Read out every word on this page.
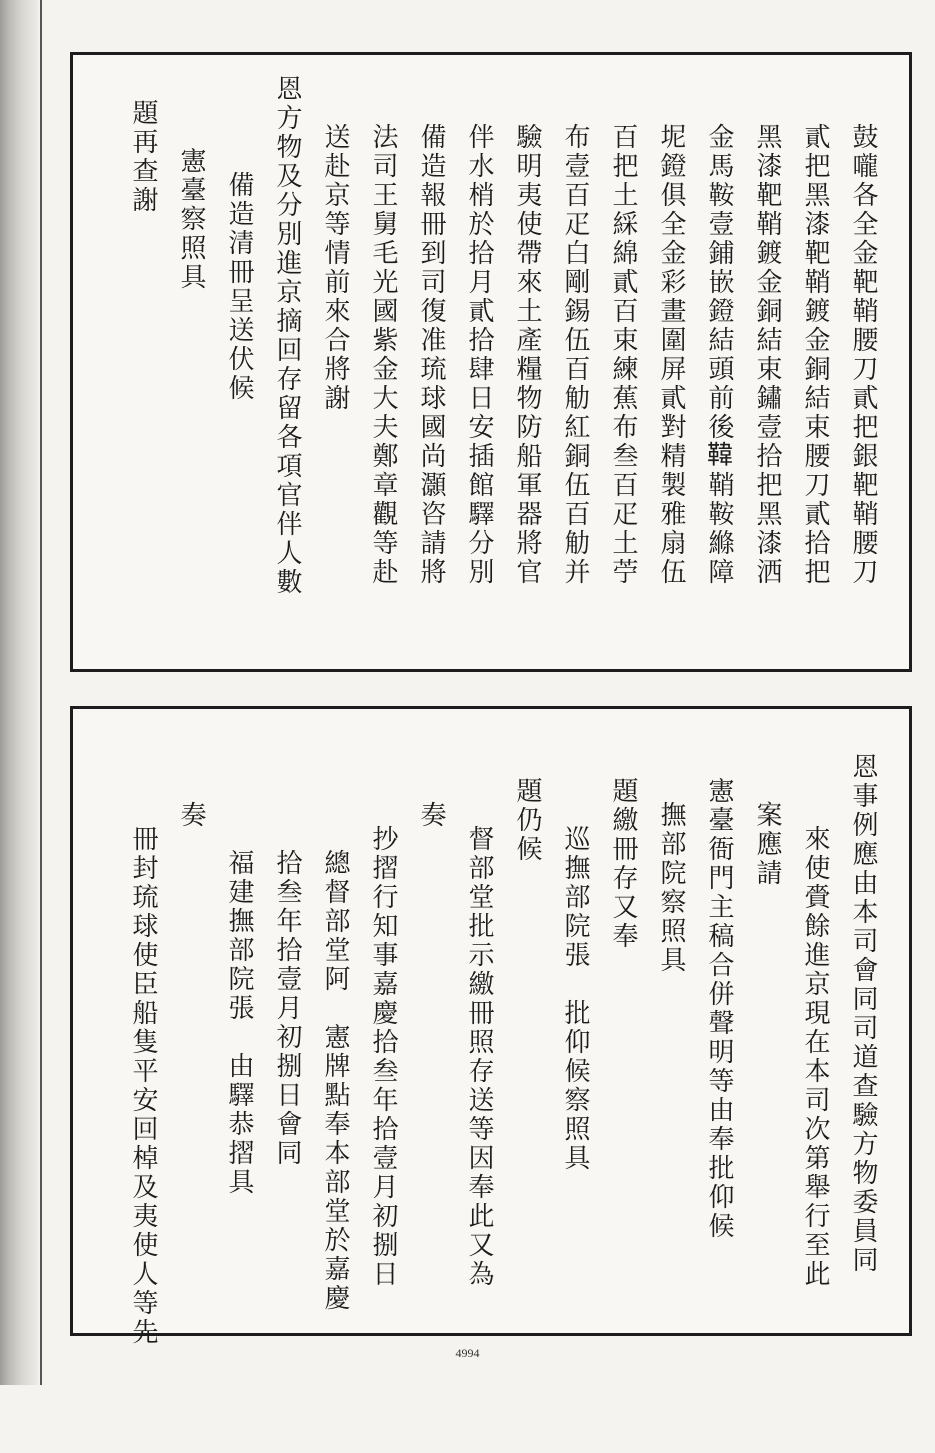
鼓嚨各全金靶鞘腰刀貳把銀靶鞘腰刀
貳把黑漆靶鞘鍍金銅結束腰刀貳拾把
黑漆靶鞘鍍金銅結束鏽壹拾把黑漆洒
金馬鞍壹鋪嵌鐙結頭前後𩋾鞘鞍縧障
坭鐙俱全金彩畫圍屏貳對精製雅扇伍
百把土綵綿貳百束練蕉布叁百疋土苧
布壹百疋白剛錫伍百觔紅銅伍百觔并
驗明夷使帶來土產糧物防船軍器將官
伴水梢於拾月貳拾肆日安插館驛分別
備造報冊到司復准琉球國尚灝咨請將
法司王舅毛光國紫金大夫鄭章觀等赴
送赴京等情前來合將謝
恩方物及分別進京摘回存留各項官伴人數
備造清冊呈送伏候
憲臺察照具
題再查謝
恩事例應由本司會同司道查驗方物委員同
來使賫餘進京現在本司次第舉行至此
案應請
憲臺衙門主稿合併聲明等由奉批仰候
撫部院察照具
題繳冊存又奉
巡撫部院張　批仰候察照具
題仍候
督部堂批示繳冊照存送等因奉此又為
奏
抄摺行知事嘉慶拾叁年拾壹月初捌日
總督部堂阿　憲牌點奉本部堂於嘉慶
拾叁年拾壹月初捌日會同
福建撫部院張　由驛恭摺具
奏
冊封琉球使臣船隻平安回棹及夷使人等先
4994
